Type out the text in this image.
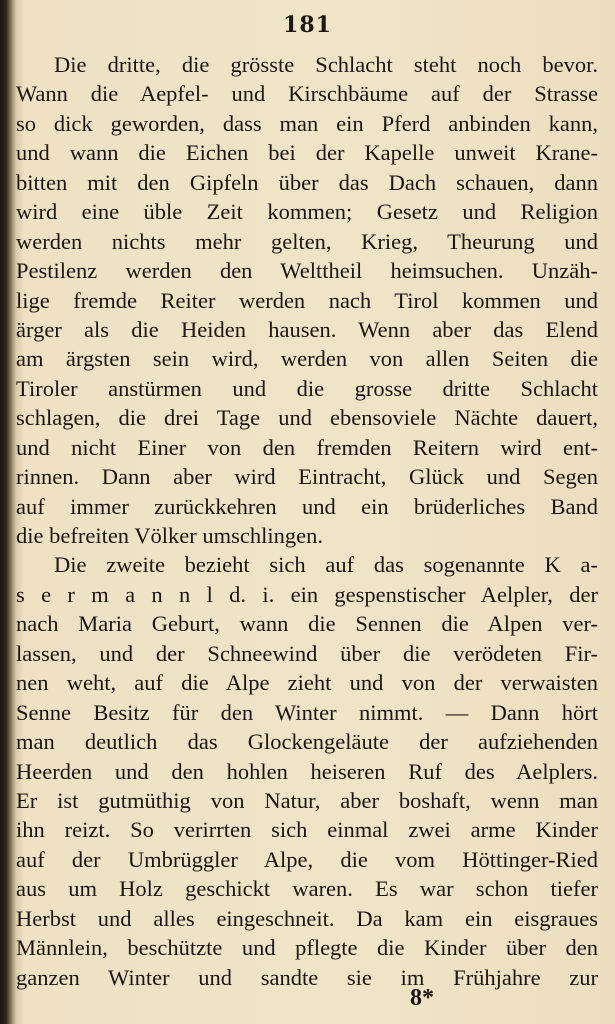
181
Die dritte, die grösste Schlacht steht noch bevor.
Wann die Aepfel- und Kirschbäume auf der Strasse
so dick geworden, dass man ein Pferd anbinden kann,
und wann die Eichen bei der Kapelle unweit Krane-
bitten mit den Gipfeln über das Dach schauen, dann
wird eine üble Zeit kommen; Gesetz und Religion
werden nichts mehr gelten, Krieg, Theurung und
Pestilenz werden den Welttheil heimsuchen. Unzäh-
lige fremde Reiter werden nach Tirol kommen und
ärger als die Heiden hausen. Wenn aber das Elend
am ärgsten sein wird, werden von allen Seiten die
Tiroler anstürmen und die grosse dritte Schlacht
schlagen, die drei Tage und ebensoviele Nächte dauert,
und nicht Einer von den fremden Reitern wird ent-
rinnen. Dann aber wird Eintracht, Glück und Segen
auf immer zurückkehren und ein brüderliches Band
die befreiten Völker umschlingen.
Die zweite bezieht sich auf das sogenannte K a-
s e r m a n n l d. i. ein gespenstischer Aelpler, der
nach Maria Geburt, wann die Sennen die Alpen ver-
lassen, und der Schneewind über die verödeten Fir-
nen weht, auf die Alpe zieht und von der verwaisten
Senne Besitz für den Winter nimmt. — Dann hört
man deutlich das Glockengeläute der aufziehenden
Heerden und den hohlen heiseren Ruf des Aelplers.
Er ist gutmüthig von Natur, aber boshaft, wenn man
ihn reizt. So verirrten sich einmal zwei arme Kinder
auf der Umbrüggler Alpe, die vom Höttinger-Ried
aus um Holz geschickt waren. Es war schon tiefer
Herbst und alles eingeschneit. Da kam ein eisgraues
Männlein, beschützte und pflegte die Kinder über den
ganzen Winter und sandte sie im Frühjahre zur
8*
